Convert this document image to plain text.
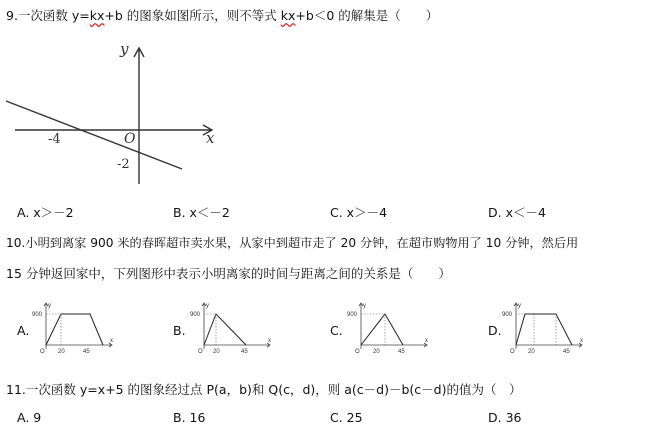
9.一次函数 y=kx+b 的图象如图所示，则不等式 kx+b＜0 的解集是（　　）
y
x
O
-4
-2
A. x＞－2	B. x＜－2	C. x＞－4	D. x＜－4
10.小明到离家 900 米的春晖超市卖水果，从家中到超市走了 20 分钟，在超市购物用了 10 分钟，然后用
15 分钟返回家中，下列图形中表示小明离家的时间与距离之间的关系是（　　）
A.	B.	C.	D.
y
x
900
O 20	45
y
x
900
O 20	45
y
x
900
O 20	45
y
x
900
O 20	45
11.一次函数 y=x+5 的图象经过点 P(a，b)和 Q(c，d)，则 a(c－d)－b(c－d)的值为（　）
A. 9	B. 16	C. 25	D. 36
